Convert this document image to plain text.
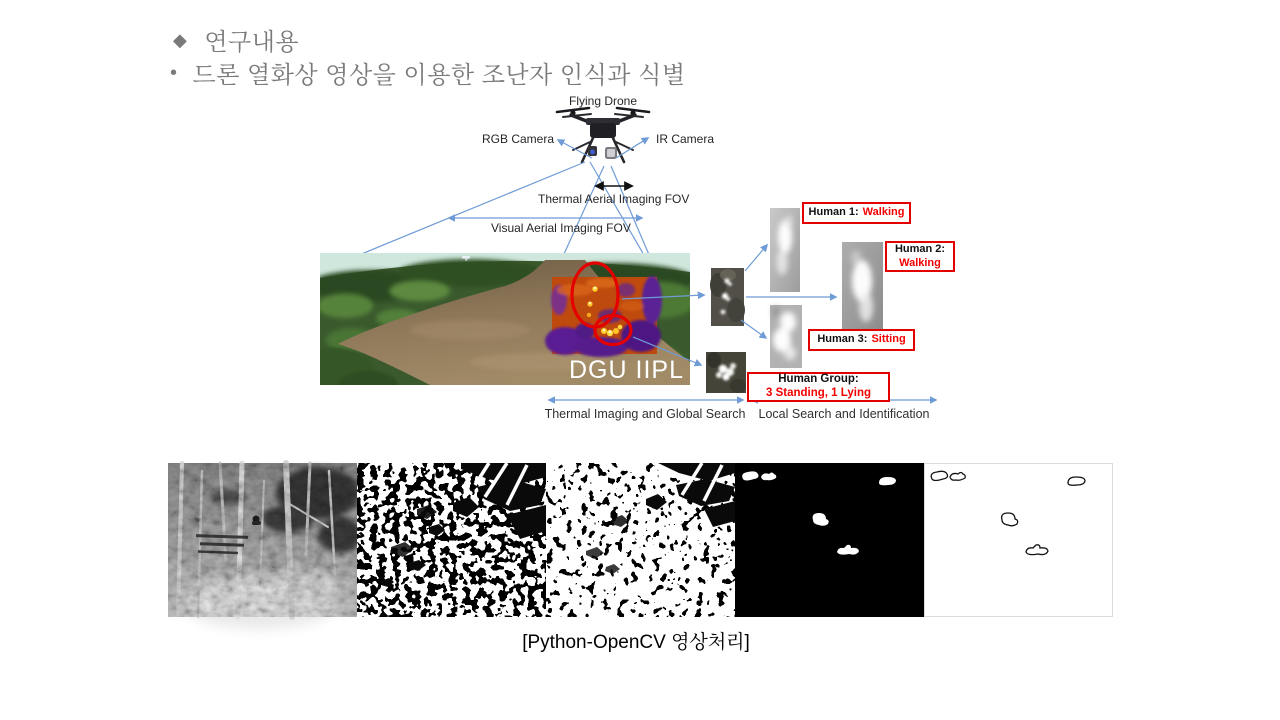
◆ 연구내용
• 드론 열화상 영상을 이용한 조난자 인식과 식별
DGU IIPL
Flying Drone
RGB Camera	IR Camera
Thermal Aerial Imaging FOV
Visual Aerial Imaging FOV
Thermal Imaging and Global Search Local Search and Identification
Human 1: Walking
Human 2:
Walking
Human 3: Sitting
Human Group:
3 Standing, 1 Lying
[Python-OpenCV 영상처리]
